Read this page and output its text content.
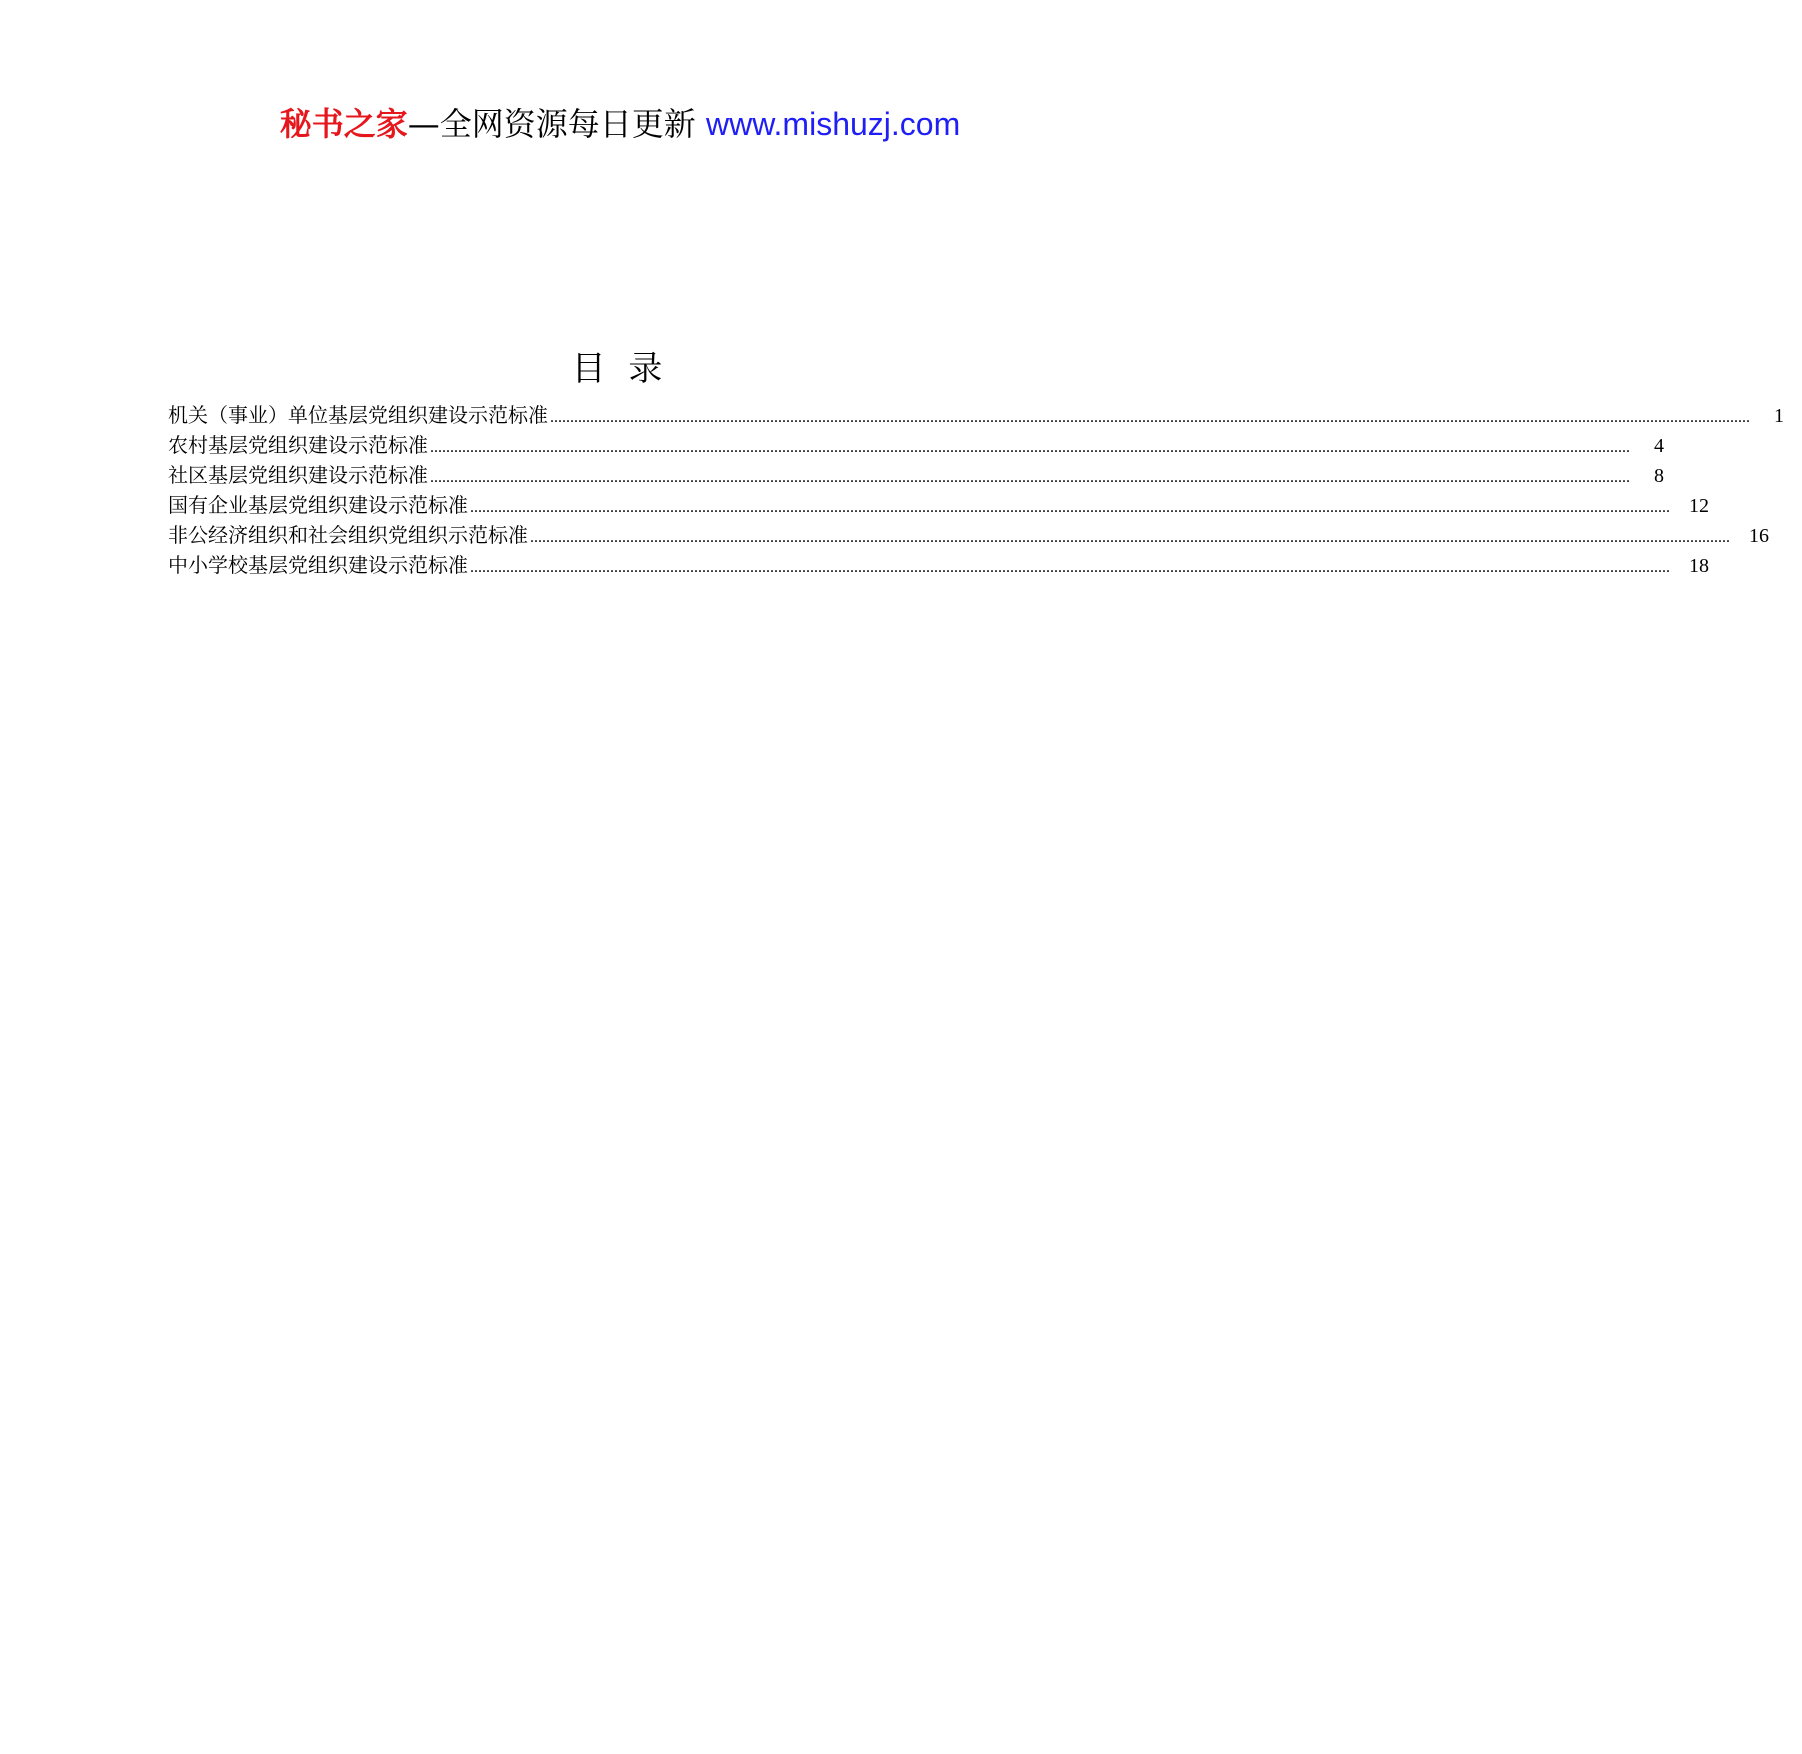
秘书之家—全网资源每日更新 www.mishuzj.com
目 录
机关（事业）单位基层党组织建设示范标准 ............................................................................................................................................................................................................................................................................................................	1
农村基层党组织建设示范标准 ............................................................................................................................................................................................................................................................................................................	4
社区基层党组织建设示范标准 ............................................................................................................................................................................................................................................................................................................	8
国有企业基层党组织建设示范标准 ............................................................................................................................................................................................................................................................................................................ 12
非公经济组织和社会组织党组织示范标准 ............................................................................................................................................................................................................................................................................................................ 16
中小学校基层党组织建设示范标准 ............................................................................................................................................................................................................................................................................................................ 18
